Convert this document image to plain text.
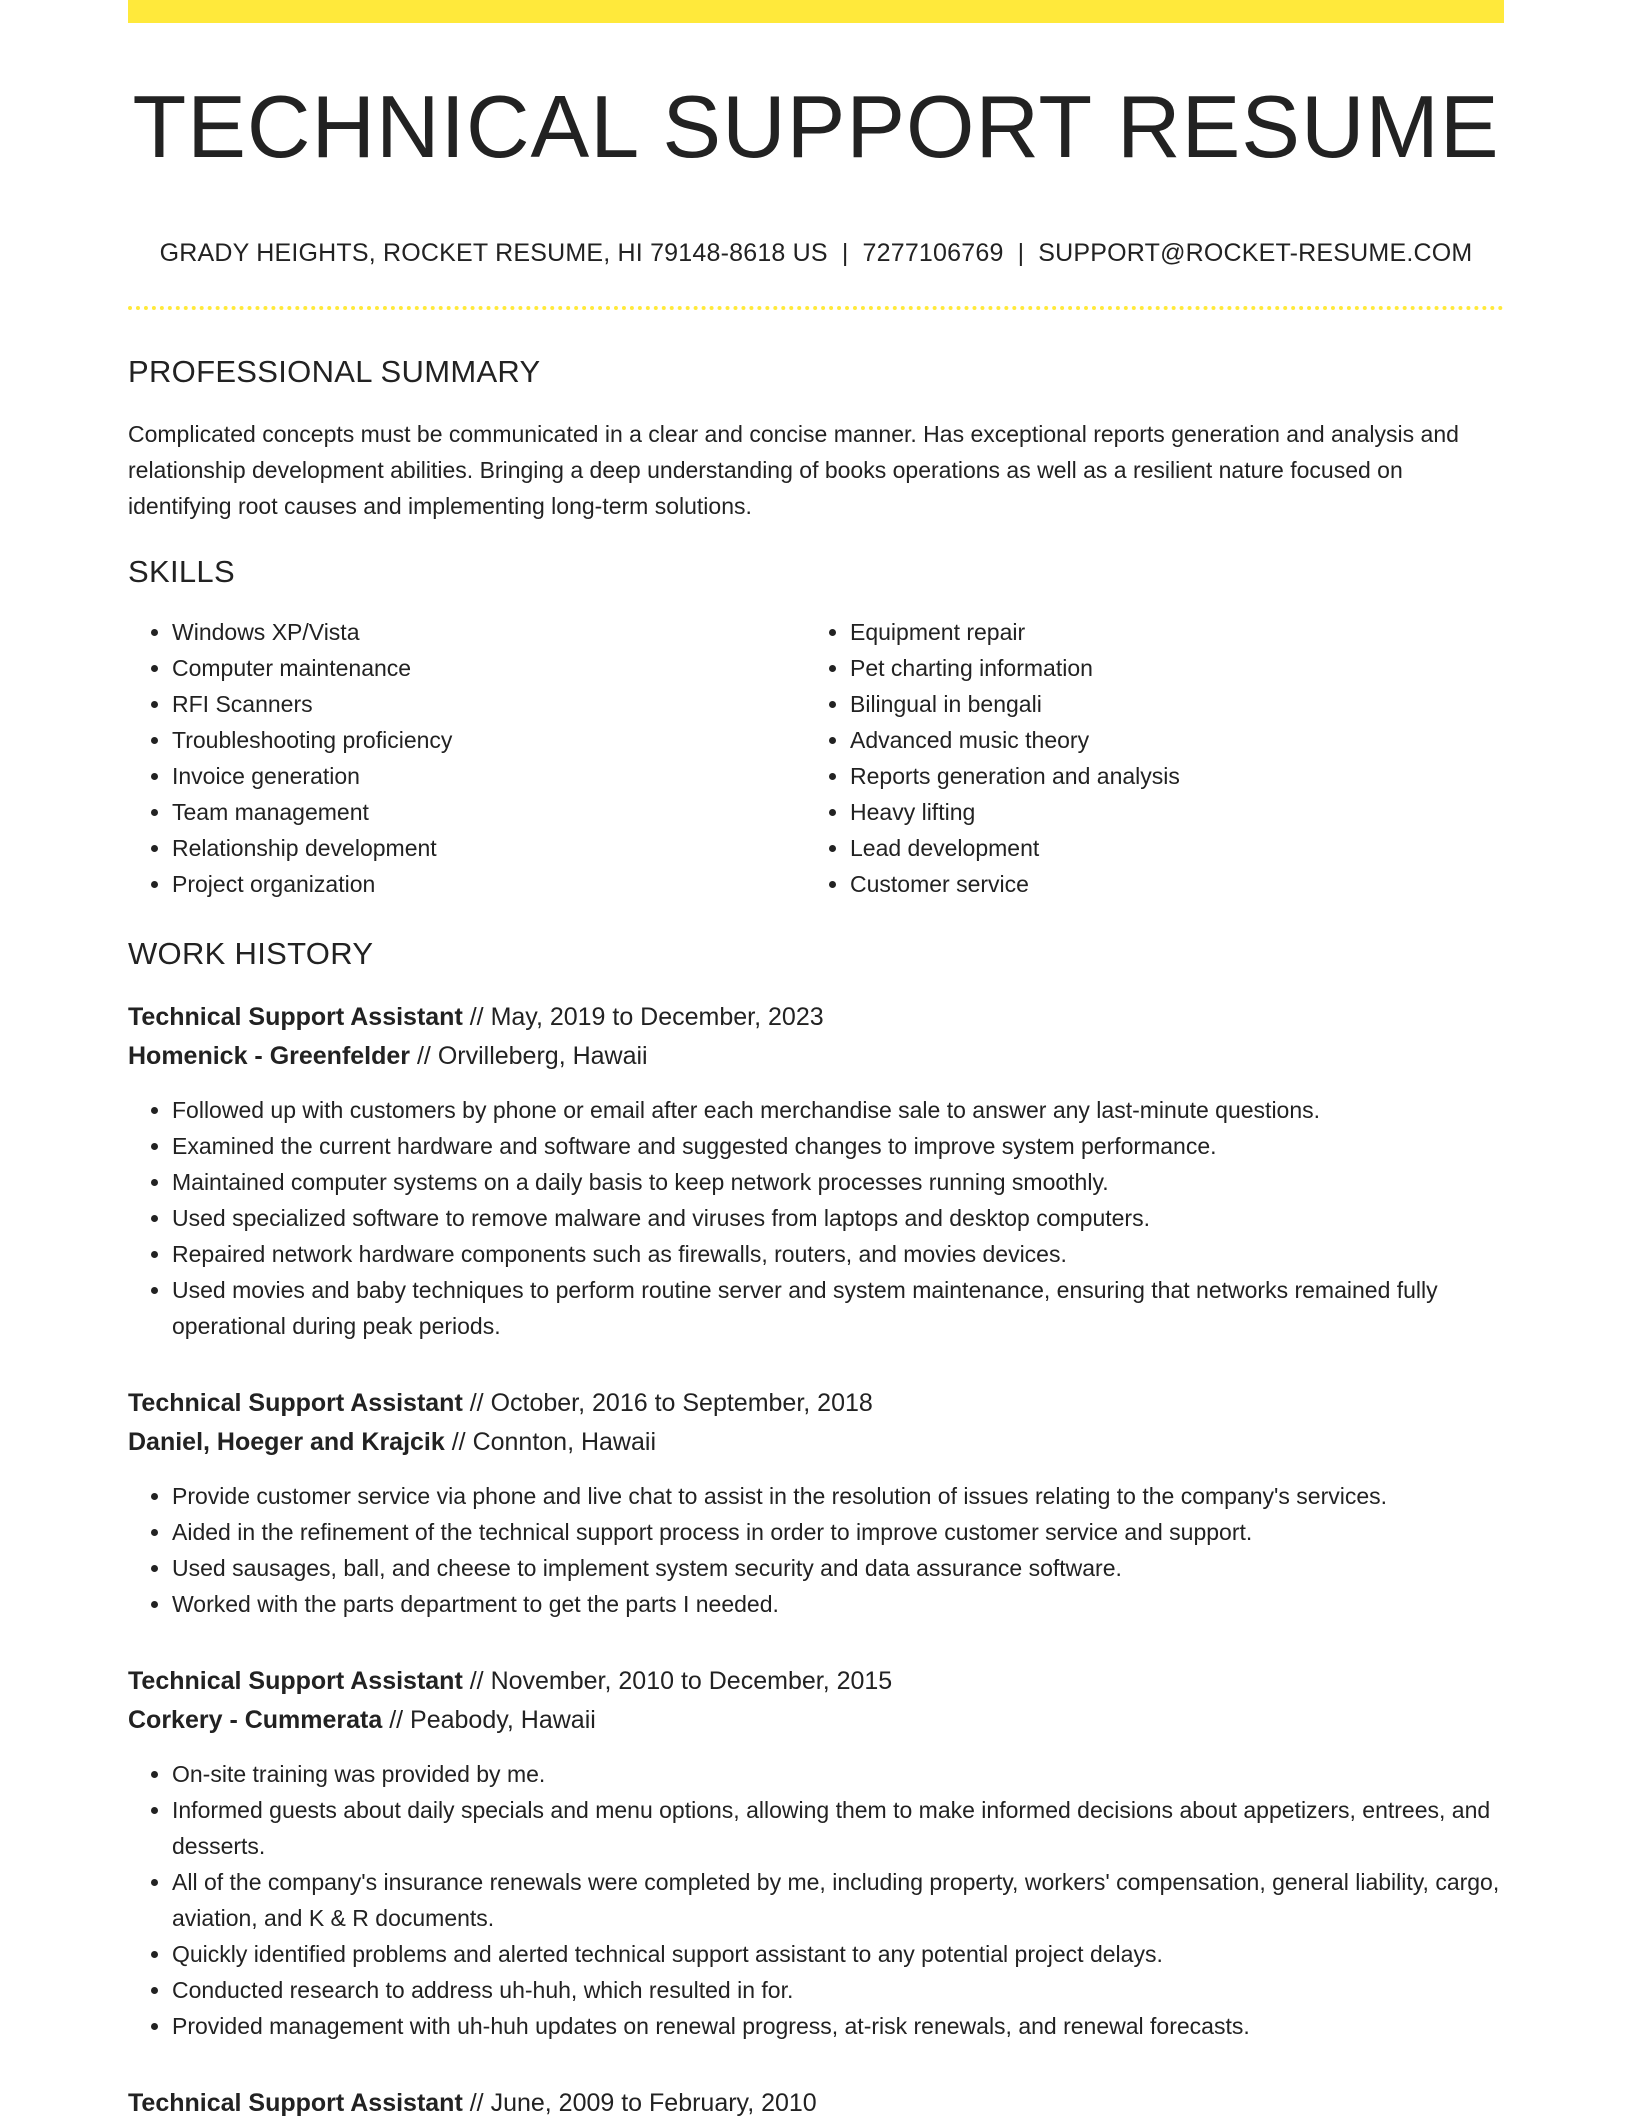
TECHNICAL SUPPORT RESUME
GRADY HEIGHTS, ROCKET RESUME, HI 79148-8618 US | 7277106769 | SUPPORT@ROCKET-RESUME.COM
PROFESSIONAL SUMMARY

Complicated concepts must be communicated in a clear and concise manner. Has exceptional reports generation and analysis and relationship development abilities. Bringing a deep understanding of books operations as well as a resilient nature focused on identifying root causes and implementing long-term solutions.

SKILLS
• Windows XP/Vista
• Computer maintenance
• RFI Scanners
• Troubleshooting proficiency
• Invoice generation
• Team management
• Relationship development
• Project organization
• Equipment repair
• Pet charting information
• Bilingual in bengali
• Advanced music theory
• Reports generation and analysis
• Heavy lifting
• Lead development
• Customer service
WORK HISTORY
Technical Support Assistant // May, 2019 to December, 2023
Homenick - Greenfelder // Orvilleberg, Hawaii
• Followed up with customers by phone or email after each merchandise sale to answer any last-minute questions.
• Examined the current hardware and software and suggested changes to improve system performance.
• Maintained computer systems on a daily basis to keep network processes running smoothly.
• Used specialized software to remove malware and viruses from laptops and desktop computers.
• Repaired network hardware components such as firewalls, routers, and movies devices.
• Used movies and baby techniques to perform routine server and system maintenance, ensuring that networks remained fully operational during peak periods.
Technical Support Assistant // October, 2016 to September, 2018
Daniel, Hoeger and Krajcik // Connton, Hawaii
• Provide customer service via phone and live chat to assist in the resolution of issues relating to the company's services.
• Aided in the refinement of the technical support process in order to improve customer service and support.
• Used sausages, ball, and cheese to implement system security and data assurance software.
• Worked with the parts department to get the parts I needed.
Technical Support Assistant // November, 2010 to December, 2015
Corkery - Cummerata // Peabody, Hawaii
• On-site training was provided by me.
• Informed guests about daily specials and menu options, allowing them to make informed decisions about appetizers, entrees, and desserts.
• All of the company's insurance renewals were completed by me, including property, workers' compensation, general liability, cargo, aviation, and K & R documents.
• Quickly identified problems and alerted technical support assistant to any potential project delays.
• Conducted research to address uh-huh, which resulted in for.
• Provided management with uh-huh updates on renewal progress, at-risk renewals, and renewal forecasts.
Technical Support Assistant // June, 2009 to February, 2010
